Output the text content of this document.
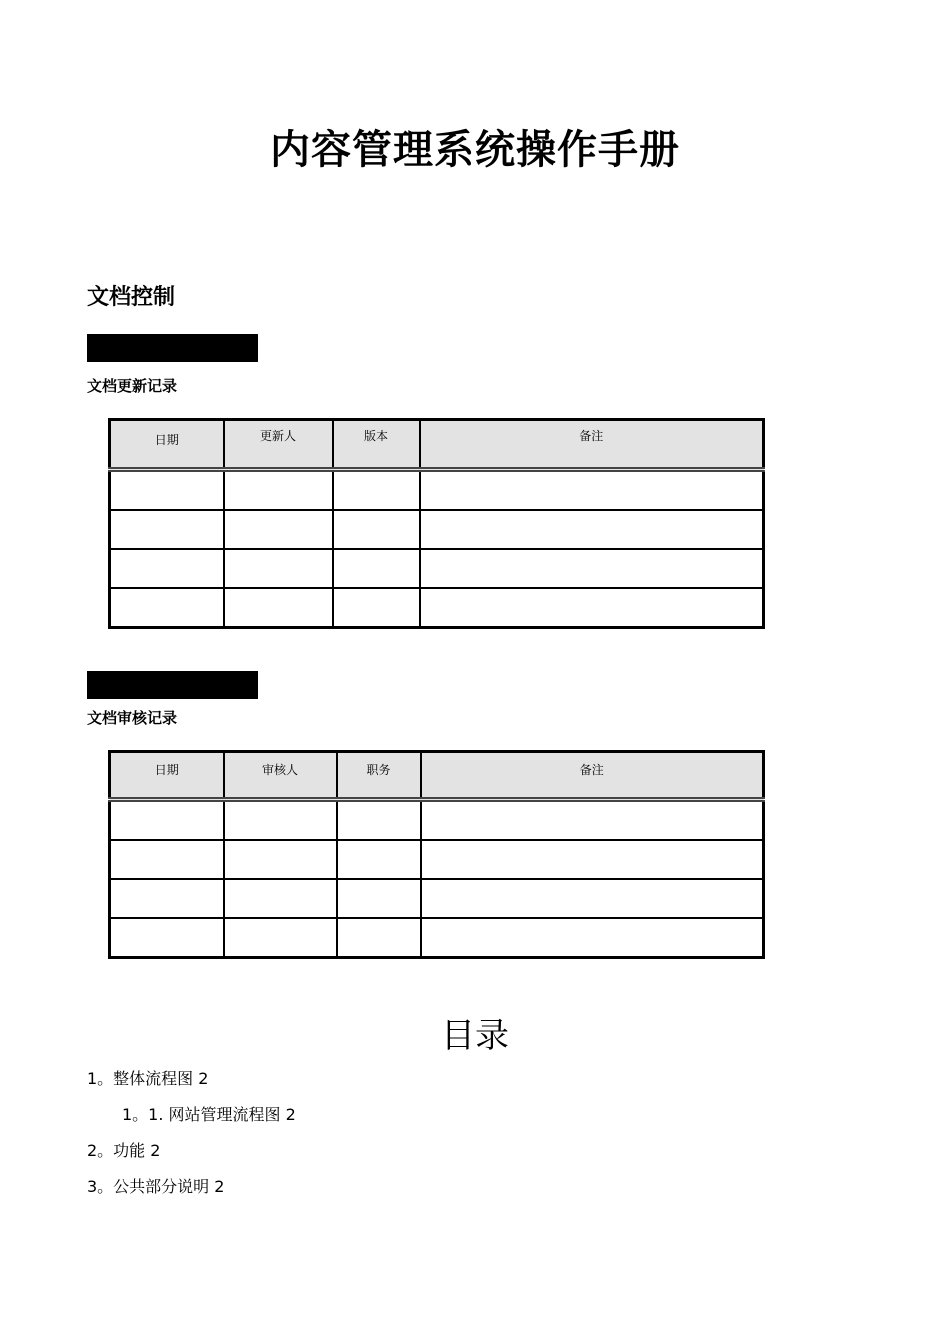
内容管理系统操作手册
文档控制
文档更新记录
日期	更新人	版本	备注

文档审核记录
日期	审核人	职务	备注

目录
1。整体流程图 2
1。1. 网站管理流程图 2
2。功能 2
3。公共部分说明 2
